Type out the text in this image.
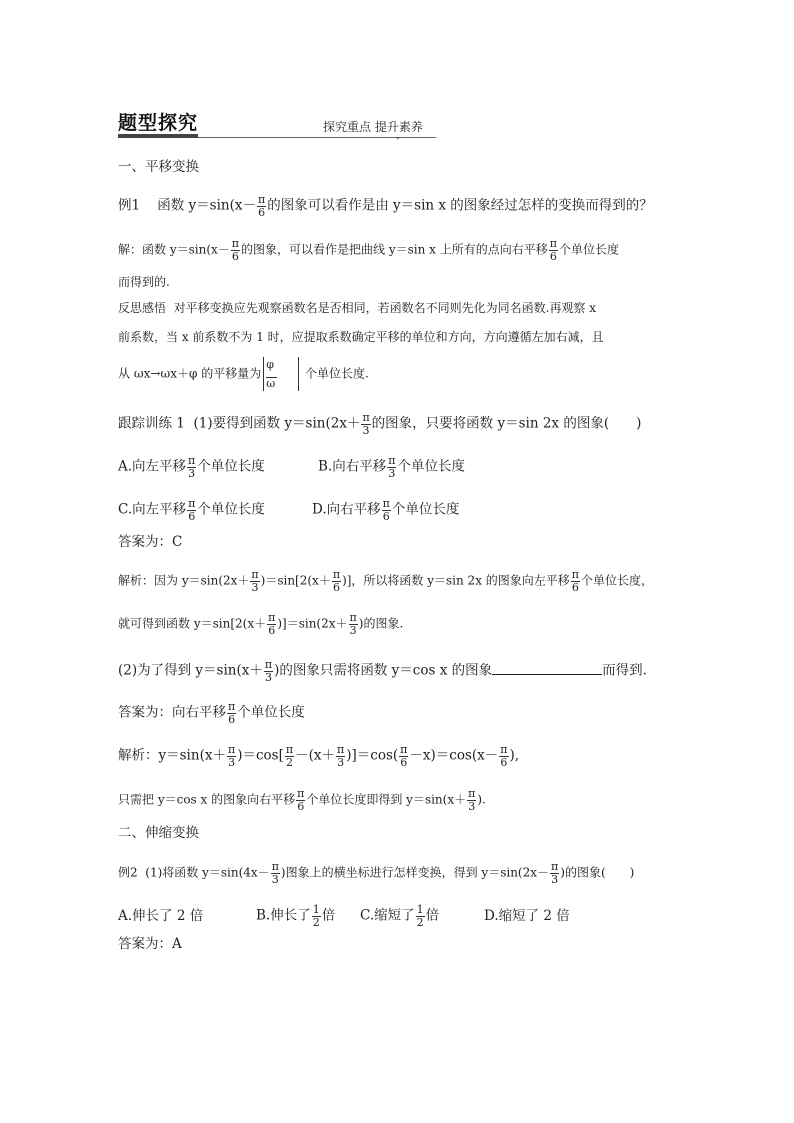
题型探究	探究重点 提升素养
⌄
一、平移变换
例1 函数 $y=\sin(x- \frac{\pi}{6}$ 的图象可以看作是由 y＝sin x 的图象经过怎样的变换而得到的？
解：函数 $y=\sin(x- \frac{\pi}{6}$ 的图象，可以看作是把曲线 y＝sin x 上所有的点向右平移 $\frac{\pi}{6}$ 个单位长度
而得到的.
反思感悟 对平移变换应先观察函数名是否相同，若函数名不同则先化为同名函数.再观察 x
前系数，当 x 前系数不为 1 时，应提取系数确定平移的单位和方向，方向遵循左加右减，且
从 ωx→ωx＋φ 的平移量为 $\frac{\varphi}{\omega}$ 个单位长度.
跟踪训练 1 (1)要得到函数 $y=\sin(2x+ \frac{\pi}{3}$ 的图象，只要将函数 y＝sin 2x 的图象(　　)
A.向左平移 $\frac{\pi}{3}$ 个单位长度	B.向右平移 $\frac{\pi}{3}$ 个单位长度
C.向左平移 $\frac{\pi}{6}$ 个单位长度	D.向右平移 $\frac{\pi}{6}$ 个单位长度
答案为：C
解析：因为 $y=\sin(2x+ \frac{\pi}{3} )=\sin[2(x+ \frac{\pi}{6}$ )]，所以将函数 y＝sin 2x 的图象向左平移 $\frac{\pi}{6}$ 个单位长度，
就可得到函数 $y=\sin[2(x+ \frac{\pi}{6} )]=\sin(2x+ \frac{\pi}{3}$ )的图象.
(2)为了得到 $y=\sin(x+ \frac{\pi}{3}$ )的图象只需将函数 y＝cos x 的图象	而得到.
答案为：向右平移 $\frac{\pi}{6}$ 个单位长度
解析：$y=\sin(x+ \frac{\pi}{3} )=\cos[ \frac{\pi}{2} -(x+ \frac{\pi}{3} )]=\cos( \frac{\pi}{6} -x)=\cos(x- \frac{\pi}{6}$ ),
只需把 y＝cos x 的图象向右平移 $\frac{\pi}{6}$ 个单位长度即得到 $y=\sin(x+ \frac{\pi}{3}$ ).
二、伸缩变换
例2 (1)将函数 $y=\sin(4x- \frac{\pi}{3}$ )图象上的横坐标进行怎样变换，得到 $y=\sin(2x- \frac{\pi}{3}$ )的图象(　　)
A.伸长了 2 倍	B.伸长了 $\frac{1}{2}$ 倍 C.缩短了 $\frac{1}{2}$ 倍	D.缩短了 2 倍
答案为：A
